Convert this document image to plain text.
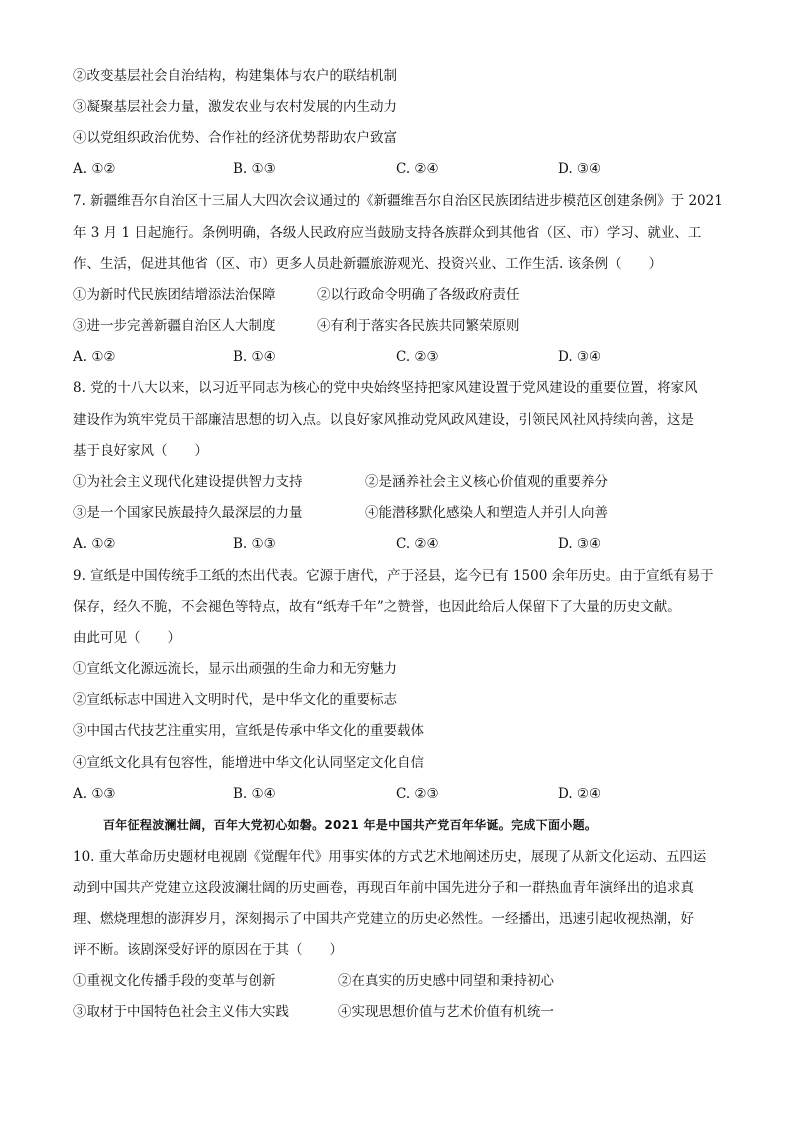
②改变基层社会自治结构，构建集体与农户的联结机制
③凝聚基层社会力量，激发农业与农村发展的内生动力
④以党组织政治优势、合作社的经济优势帮助农户致富
A. ①②	B. ①③	C. ②④	D. ③④
7. 新疆维吾尔自治区十三届人大四次会议通过的《新疆维吾尔自治区民族团结进步模范区创建条例》于 2021
年 3 月 1 日起施行。条例明确，各级人民政府应当鼓励支持各族群众到其他省（区、市）学习、就业、工
作、生活，促进其他省（区、市）更多人员赴新疆旅游观光、投资兴业、工作生活. 该条例（　　）
①为新时代民族团结增添法治保障	②以行政命令明确了各级政府责任
③进一步完善新疆自治区人大制度	④有利于落实各民族共同繁荣原则
A. ①②	B. ①④	C. ②③	D. ③④
8. 党的十八大以来，以习近平同志为核心的党中央始终坚持把家风建设置于党风建设的重要位置，将家风
建设作为筑牢党员干部廉洁思想的切入点。以良好家风推动党风政风建设，引领民风社风持续向善，这是
基于良好家风（　　）
①为社会主义现代化建设提供智力支持	②是涵养社会主义核心价值观的重要养分
③是一个国家民族最持久最深层的力量	④能潜移默化感染人和塑造人并引人向善
A. ①②	B. ①③	C. ②④	D. ③④
9. 宣纸是中国传统手工纸的杰出代表。它源于唐代，产于泾县，迄今已有 1500 余年历史。由于宣纸有易于
保存，经久不脆，不会褪色等特点，故有“纸寿千年”之赞誉，也因此给后人保留下了大量的历史文献。
由此可见（　　）
①宣纸文化源远流长，显示出顽强的生命力和无穷魅力
②宣纸标志中国进入文明时代，是中华文化的重要标志
③中国古代技艺注重实用，宣纸是传承中华文化的重要载体
④宣纸文化具有包容性，能增进中华文化认同坚定文化自信
A. ①③	B. ①④	C. ②③	D. ②④
百年征程波澜壮阔，百年大党初心如磐。2021 年是中国共产党百年华诞。完成下面小题。
10. 重大革命历史题材电视剧《觉醒年代》用事实体的方式艺术地阐述历史，展现了从新文化运动、五四运
动到中国共产党建立这段波澜壮阔的历史画卷，再现百年前中国先进分子和一群热血青年演绎出的追求真
理、燃烧理想的澎湃岁月，深刻揭示了中国共产党建立的历史必然性。一经播出，迅速引起收视热潮，好
评不断。该剧深受好评的原因在于其（　　）
①重视文化传播手段的变革与创新	②在真实的历史感中同望和秉持初心
③取材于中国特色社会主义伟大实践	④实现思想价值与艺术价值有机统一
